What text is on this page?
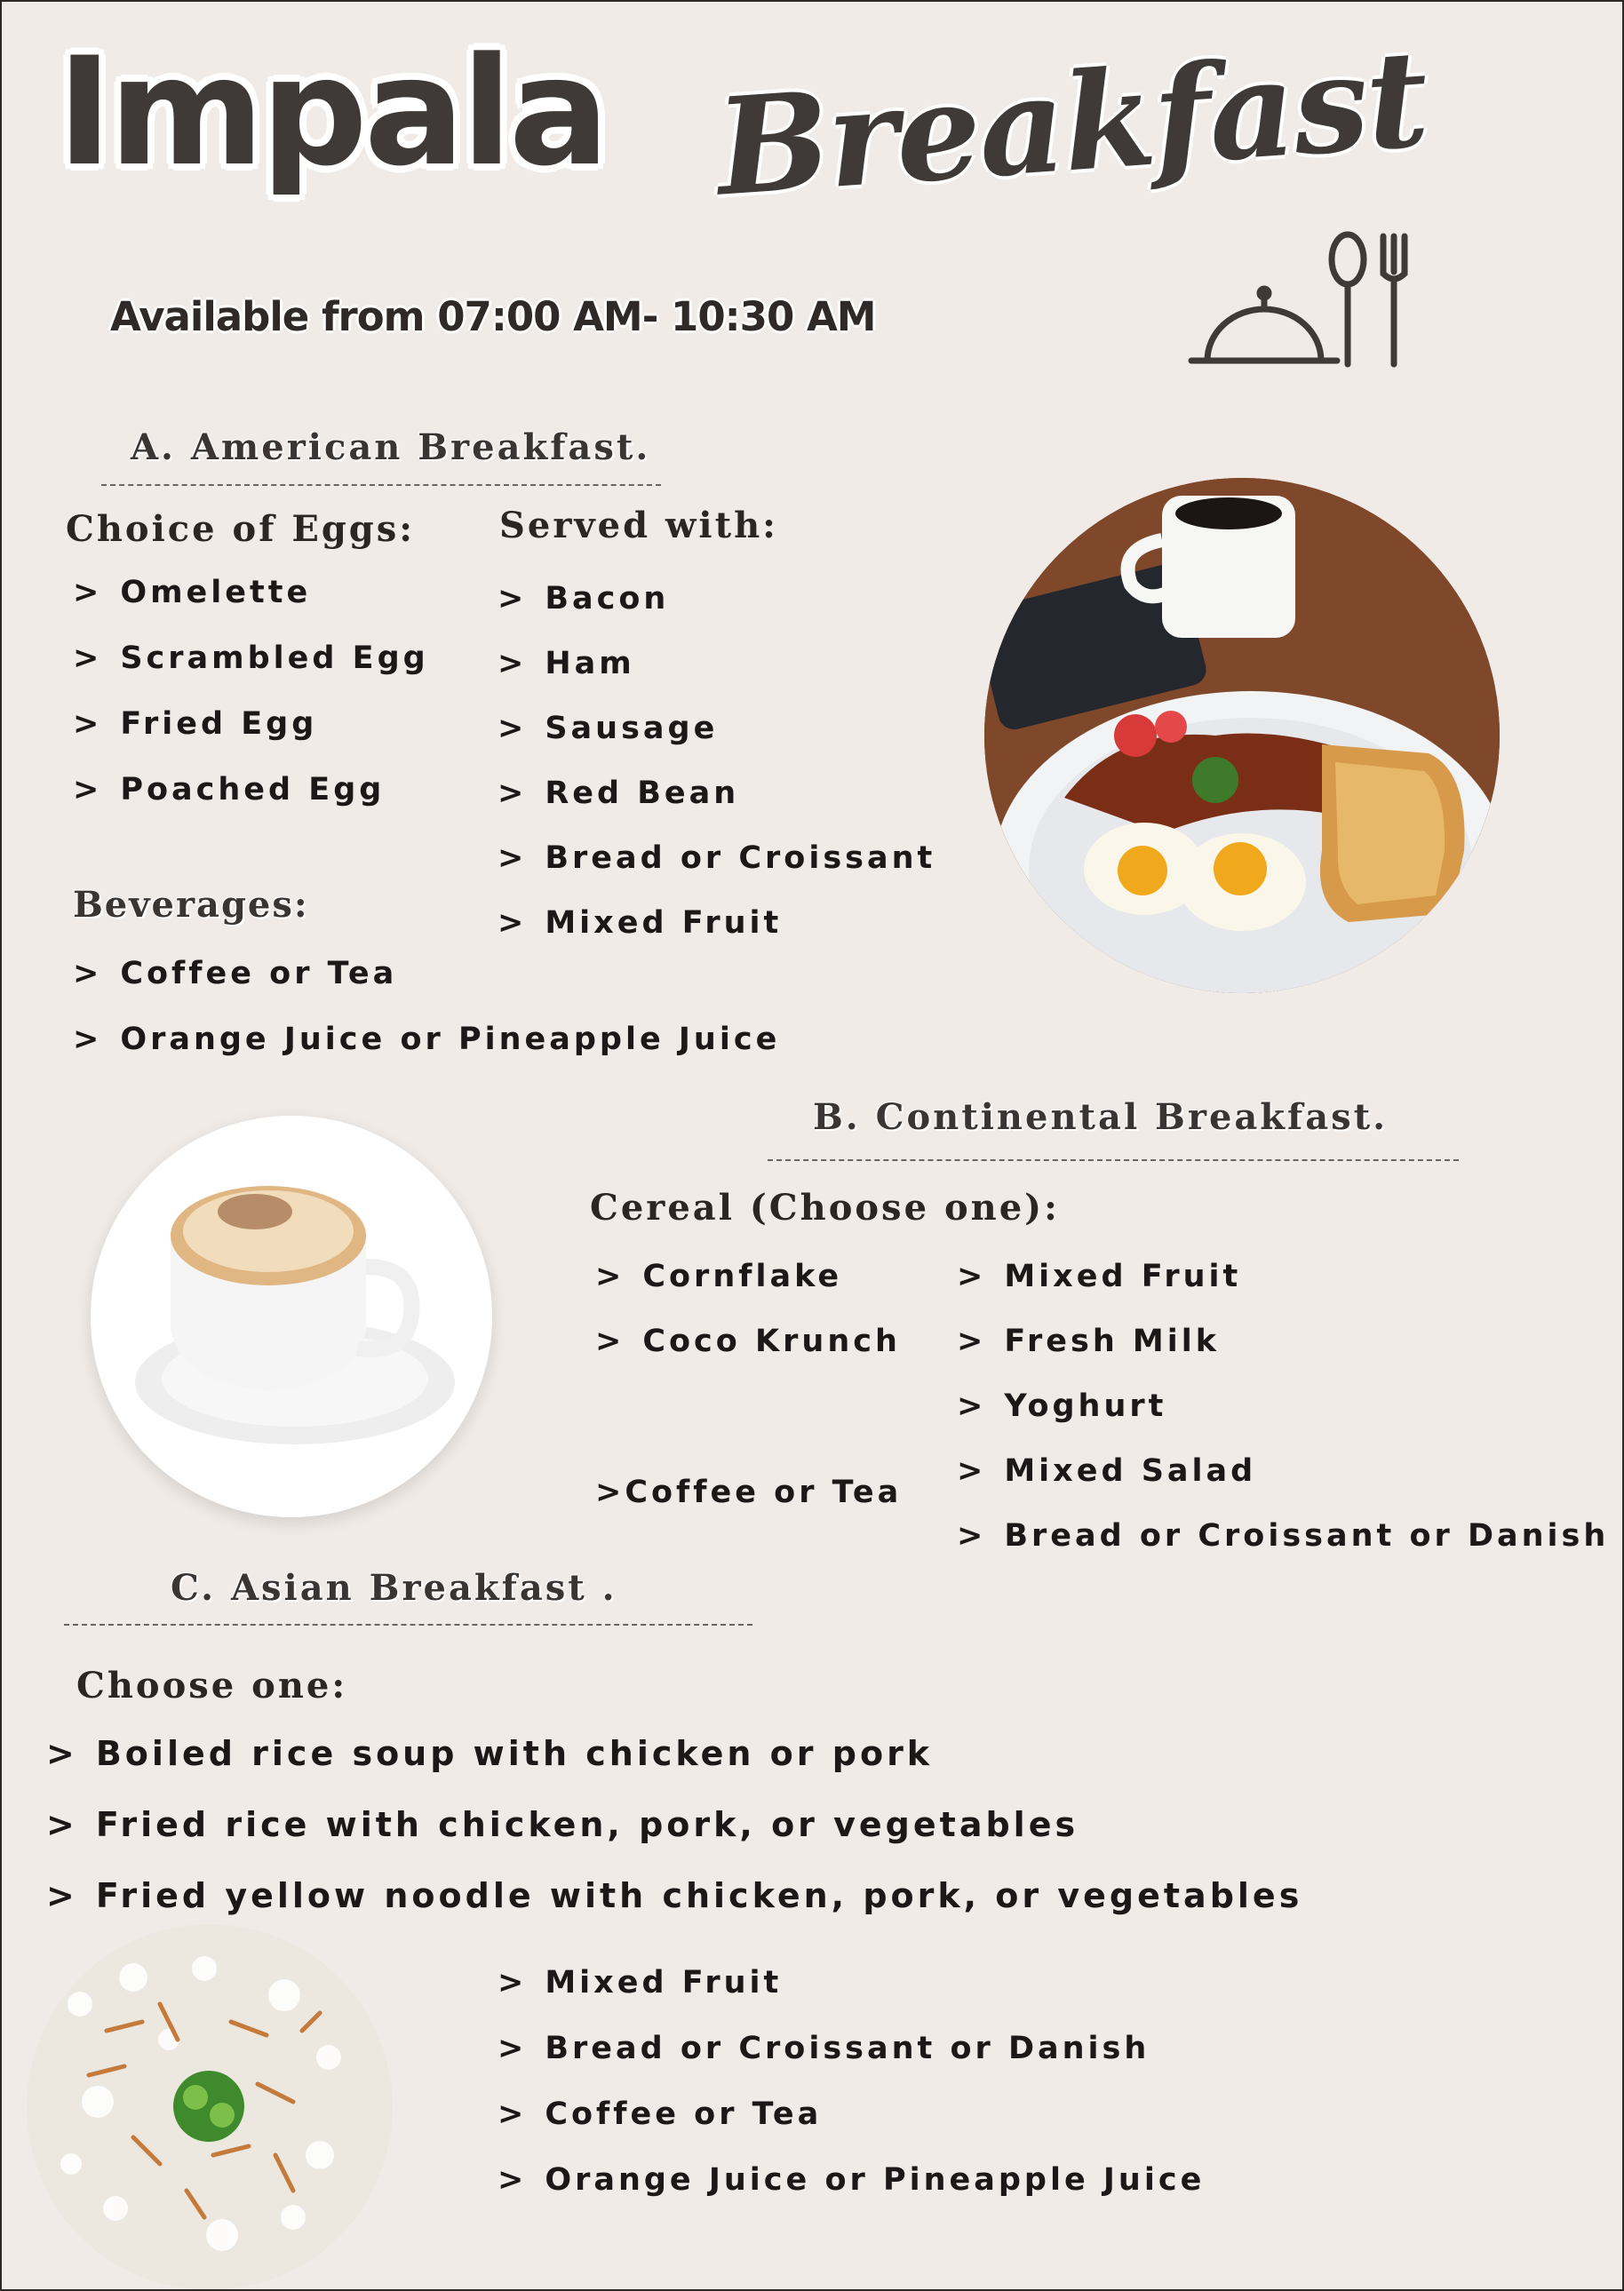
Impala Breakfast
Available from 07:00 AM- 10:30 AM
A. American Breakfast.
Choice of Eggs:
> Omelette
> Scrambled Egg
> Fried Egg
> Poached Egg
Served with:
> Bacon
> Ham
> Sausage
> Red Bean
> Bread or Croissant
> Mixed Fruit
Beverages:
> Coffee or Tea
> Orange Juice or Pineapple Juice
B. Continental Breakfast.
Cereal (Choose one):
> Cornflake
> Coco Krunch
>Coffee or Tea
> Mixed Fruit
> Fresh Milk
> Yoghurt
> Mixed Salad
> Bread or Croissant or Danish
C. Asian Breakfast .
Choose one:
> Boiled rice soup with chicken or pork
> Fried rice with chicken, pork, or vegetables
> Fried yellow noodle with chicken, pork, or vegetables
> Mixed Fruit
> Bread or Croissant or Danish
> Coffee or Tea
> Orange Juice or Pineapple Juice
